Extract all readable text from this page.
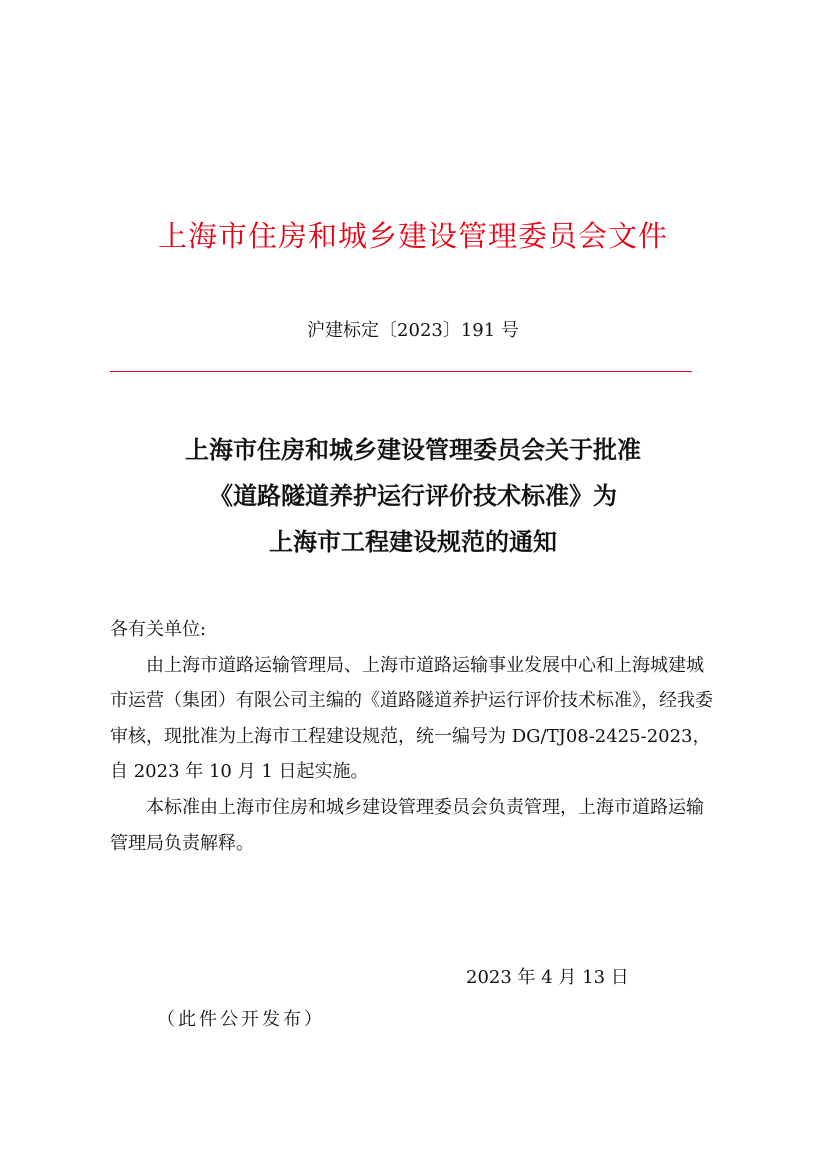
上海市住房和城乡建设管理委员会文件
沪建标定〔2023〕191 号
上海市住房和城乡建设管理委员会关于批准
《道路隧道养护运行评价技术标准》为
上海市工程建设规范的通知

各有关单位:

由上海市道路运输管理局、上海市道路运输事业发展中心和上海城建城市运营（集团）有限公司主编的《道路隧道养护运行评价技术标准》，经我委审核，现批准为上海市工程建设规范，统一编号为 DG/TJ08-2425-2023，自 2023 年 10 月 1 日起实施。

本标准由上海市住房和城乡建设管理委员会负责管理，上海市道路运输管理局负责解释。

2023 年 4 月 13 日
（此件公开发布）
